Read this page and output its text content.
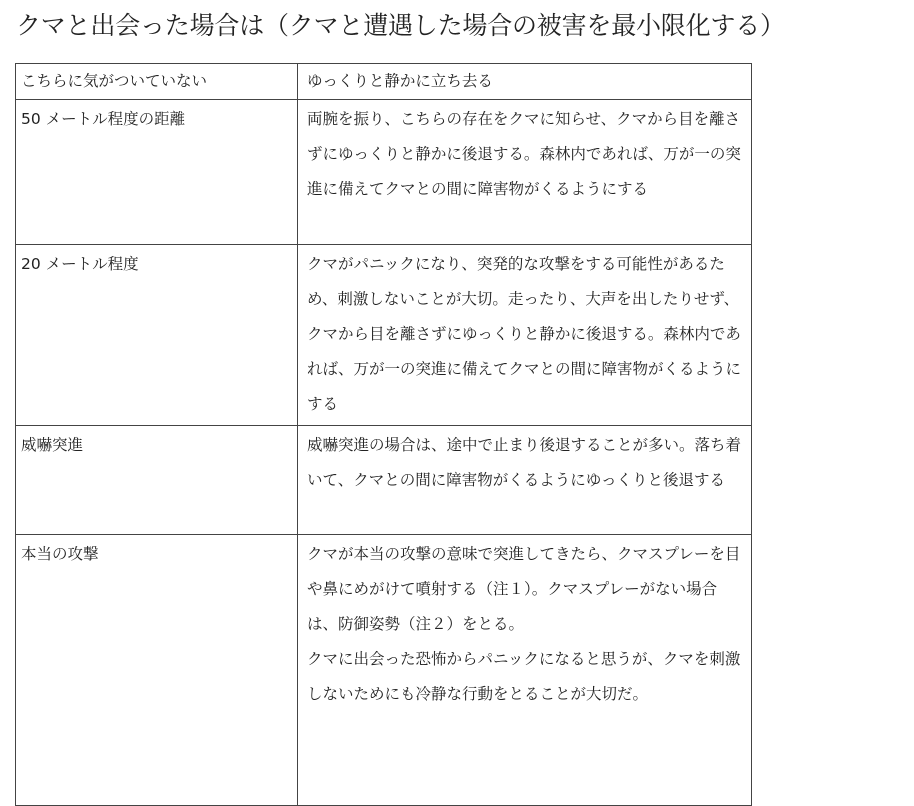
クマと出会った場合は（クマと遭遇した場合の被害を最小限化する）
こちらに気がついていない	ゆっくりと静かに立ち去る

50 メートル程度の距離	両腕を振り、こちらの存在をクマに知らせ、クマから目を離さずにゆっくりと静かに後退する。森林内であれば、万が一の突進に備えてクマとの間に障害物がくるようにする

20 メートル程度	クマがパニックになり、突発的な攻撃をする可能性があるため、刺激しないことが大切。走ったり、大声を出したりせず、クマから目を離さずにゆっくりと静かに後退する。森林内であれば、万が一の突進に備えてクマとの間に障害物がくるようにする

威嚇突進	威嚇突進の場合は、途中で止まり後退することが多い。落ち着いて、クマとの間に障害物がくるようにゆっくりと後退する

本当の攻撃	クマが本当の攻撃の意味で突進してきたら、クマスプレーを目や鼻にめがけて噴射する（注１）。クマスプレーがない場合は、防御姿勢（注２）をとる。
クマに出会った恐怖からパニックになると思うが、クマを刺激しないためにも冷静な行動をとることが大切だ。
